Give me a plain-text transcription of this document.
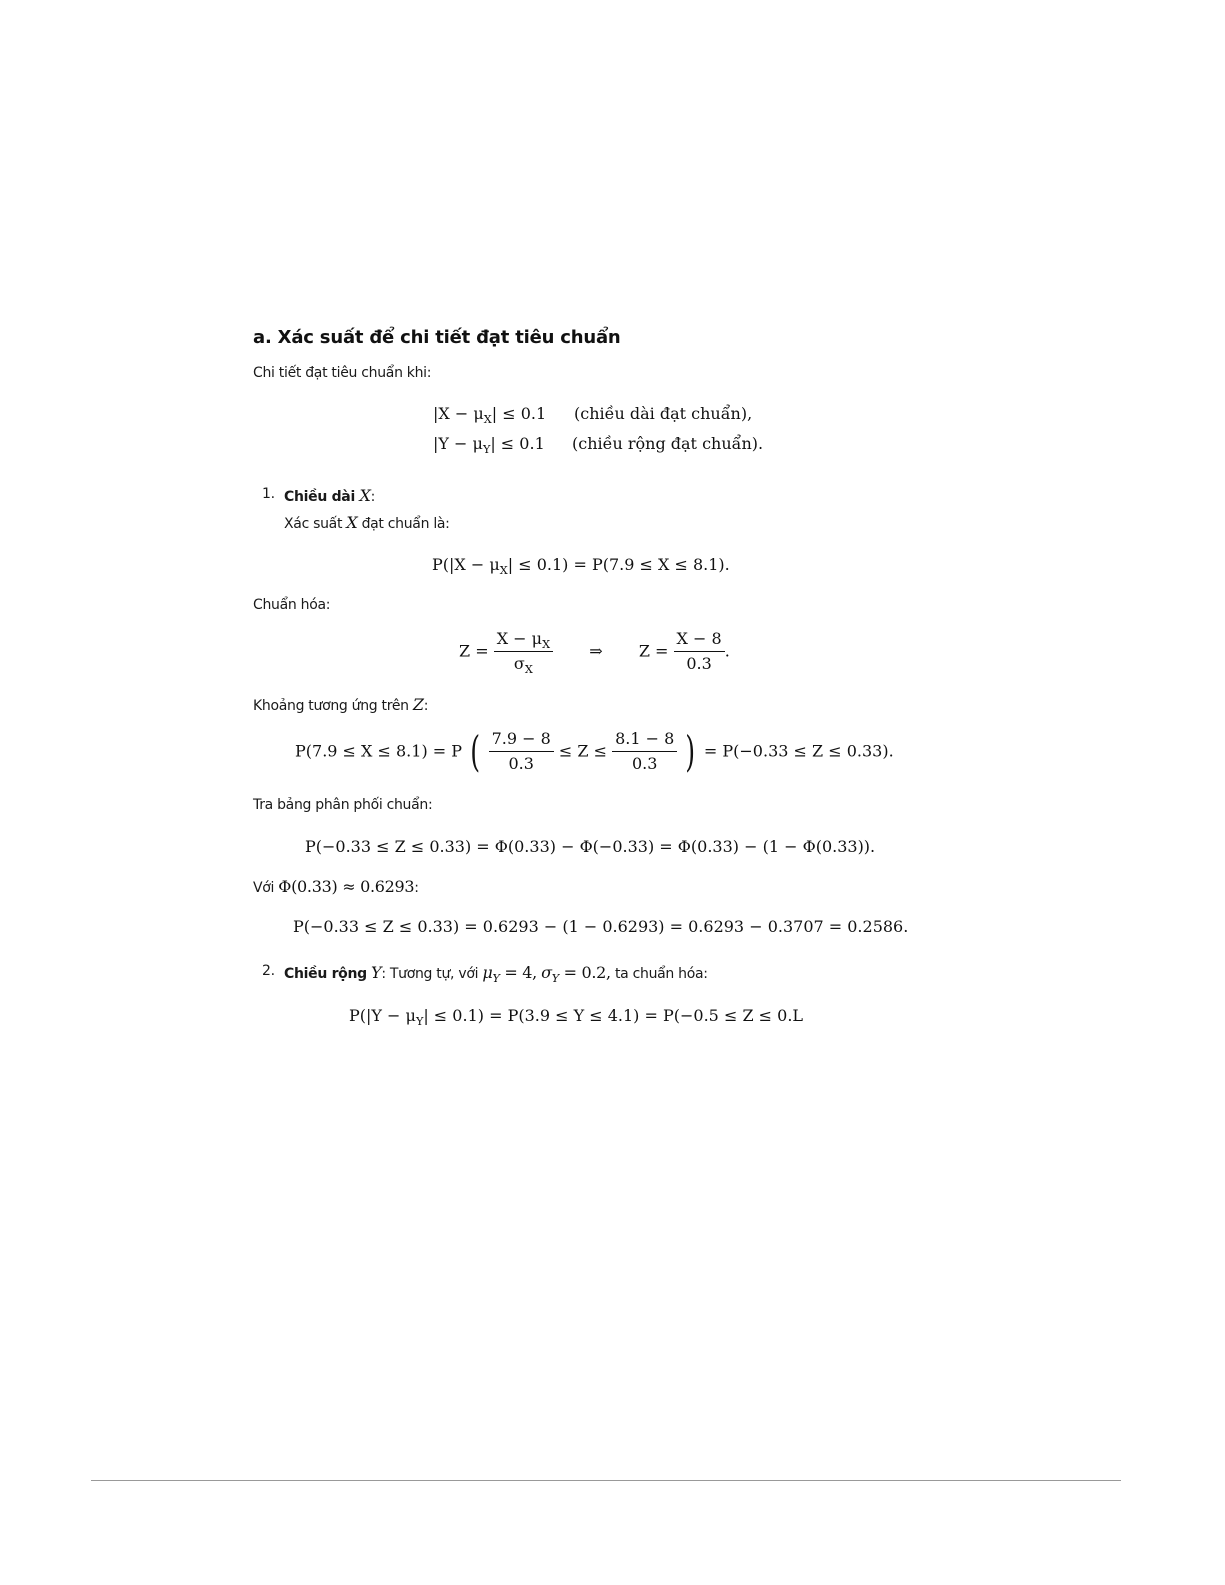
a. Xác suất để chi tiết đạt tiêu chuẩn
Chi tiết đạt tiêu chuẩn khi:
$|X - \mu_X| \le 0.1$ (chiều dài đạt chuẩn),
$|Y - \mu_Y| \le 0.1$ (chiều rộng đạt chuẩn).
1. Chiều dài X:
Xác suất X đạt chuẩn là:
$P(|X - \mu_X| \le 0.1) = P(7.9 \le X \le 8.1)$.
Chuẩn hóa:
$Z = \frac{X - \mu_X}{\sigma_X}$ ⇒ $Z = \frac{X - 8}{0.3}$ .
Khoảng tương ứng trên Z:
P(7.9 ≤ X ≤ 8.1) = P ( $\frac{7.9 - 8}{0.3} \le Z \le \frac{8.1 - 8}{0.3}$ ) = P(−0.33 ≤ Z ≤ 0.33).
Tra bảng phân phối chuẩn:
P(−0.33 ≤ Z ≤ 0.33) = Φ(0.33) − Φ(−0.33) = Φ(0.33) − (1 − Φ(0.33)).
Với Φ(0.33) ≈ 0.6293:
P(−0.33 ≤ Z ≤ 0.33) = 0.6293 − (1 − 0.6293) = 0.6293 − 0.3707 = 0.2586.
2. Chiều rộng Y: Tương tự, với $\mu_Y = 4$, $\sigma_Y = 0.2$, ta chuẩn hóa:
$P(|Y - \mu_Y| \le 0.1) = P(3.9 \le Y \le 4.1) = P(-0.5 \le Z \le 0.L$
